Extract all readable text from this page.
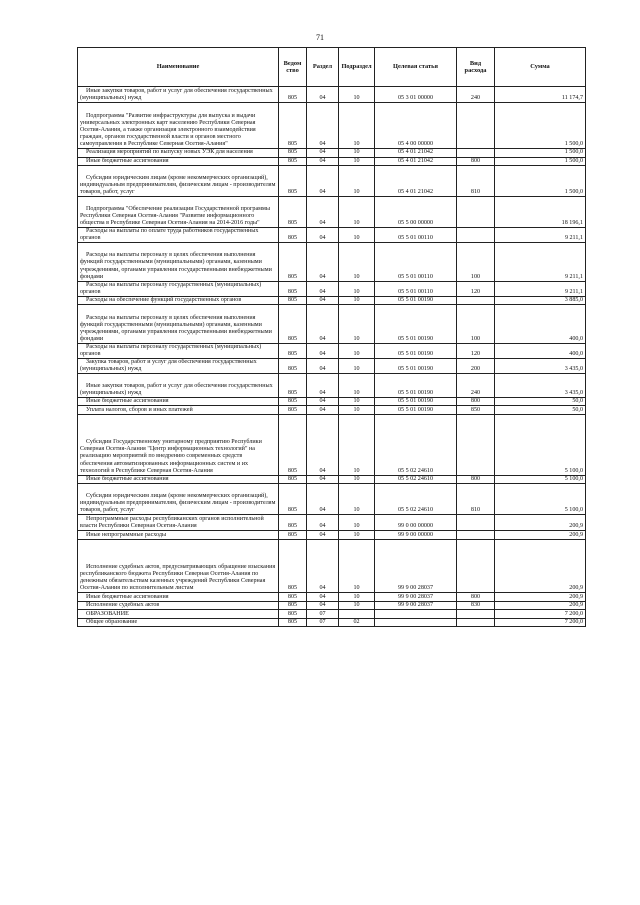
71
Наименование	Ведом ство	Раздел	Подраздел	Целевая статья	Вид расхода	Сумма
Иные закупки товаров, работ и услуг для обеспечения государственных (муниципальных) нужд	805	04	10	05 3 01 00000	240	11 174,7
Подпрограмма "Развитие инфраструктуры для выпуска и выдачи универсальных электронных карт населению Республики Северная Осетия-Алания, а также организация электронного взаимодействия граждан, органов государственной власти и органов местного самоуправления в Республике Северная Осетия-Алания"	805	04	10	05 4 00 00000		1 500,0
Реализация мероприятий по выпуску новых УЭК для населения	805	04	10	05 4 01 21042		1 500,0
Иные бюджетные ассигнования	805	04	10	05 4 01 21042	800	1 500,0
Субсидии юридическим лицам (кроме некоммерческих организаций), индивидуальным предпринимателям, физическим лицам - производителям товаров, работ, услуг	805	04	10	05 4 01 21042	810	1 500,0
Подпрограмма "Обеспечение реализации Государственной программы Республики Северная Осетия-Алания "Развитие информационного общества в Республике Северная Осетия-Алания на 2014-2016 годы"	805	04	10	05 5 00 00000		18 196,1
Расходы на выплаты по оплате труда работников государственных органов	805	04	10	05 5 01 00110		9 211,1
Расходы на выплаты персоналу в целях обеспечения выполнения функций государственными (муниципальными) органами, казенными учреждениями, органами управления государственными внебюджетными фондами	805	04	10	05 5 01 00110	100	9 211,1
Расходы на выплаты персоналу государственных (муниципальных) органов	805	04	10	05 5 01 00110	120	9 211,1
Расходы на обеспечение функций государственных органов	805	04	10	05 5 01 00190		3 885,0
Расходы на выплаты персоналу в целях обеспечения выполнения функций государственными (муниципальными) органами, казенными учреждениями, органами управления государственными внебюджетными фондами	805	04	10	05 5 01 00190	100	400,0
Расходы на выплаты персоналу государственных (муниципальных) органов	805	04	10	05 5 01 00190	120	400,0
Закупка товаров, работ и услуг для обеспечения государственных (муниципальных) нужд	805	04	10	05 5 01 00190	200	3 435,0
Иные закупки товаров, работ и услуг для обеспечения государственных (муниципальных) нужд	805	04	10	05 5 01 00190	240	3 435,0
Иные бюджетные ассигнования	805	04	10	05 5 01 00190	800	50,0
Уплата налогов, сборов и иных платежей	805	04	10	05 5 01 00190	850	50,0
Субсидии Государственному унитарному предприятию Республики Северная Осетия-Алания "Центр информационных технологий" на реализацию мероприятий по внедрению современных средств обеспечения автоматизированных информационных систем и их технологий в Республике Северная Осетия-Алания	805	04	10	05 5 02 24610		5 100,0
Иные бюджетные ассигнования	805	04	10	05 5 02 24610	800	5 100,0
Субсидии юридическим лицам (кроме некоммерческих организаций), индивидуальным предпринимателям, физическим лицам - производителям товаров, работ, услуг	805	04	10	05 5 02 24610	810	5 100,0
Непрограммные расходы республиканских органов исполнительной власти Республики Северная Осетия-Алания	805	04	10	99 0 00 00000		200,9
Иные непрограммные расходы	805	04	10	99 9 00 00000		200,9
Исполнение судебных актов, предусматривающих обращение взыскания республиканского бюджета Республики Северная Осетия-Алания по денежным обязательствам казенных учреждений Республики Северная Осетия-Алания по исполнительным листам	805	04	10	99 9 00 28037		200,9
Иные бюджетные ассигнования	805	04	10	99 9 00 28037	800	200,9
Исполнение судебных актов	805	04	10	99 9 00 28037	830	200,9
ОБРАЗОВАНИЕ	805	07				7 200,0
Общее образование	805	07	02			7 200,0
